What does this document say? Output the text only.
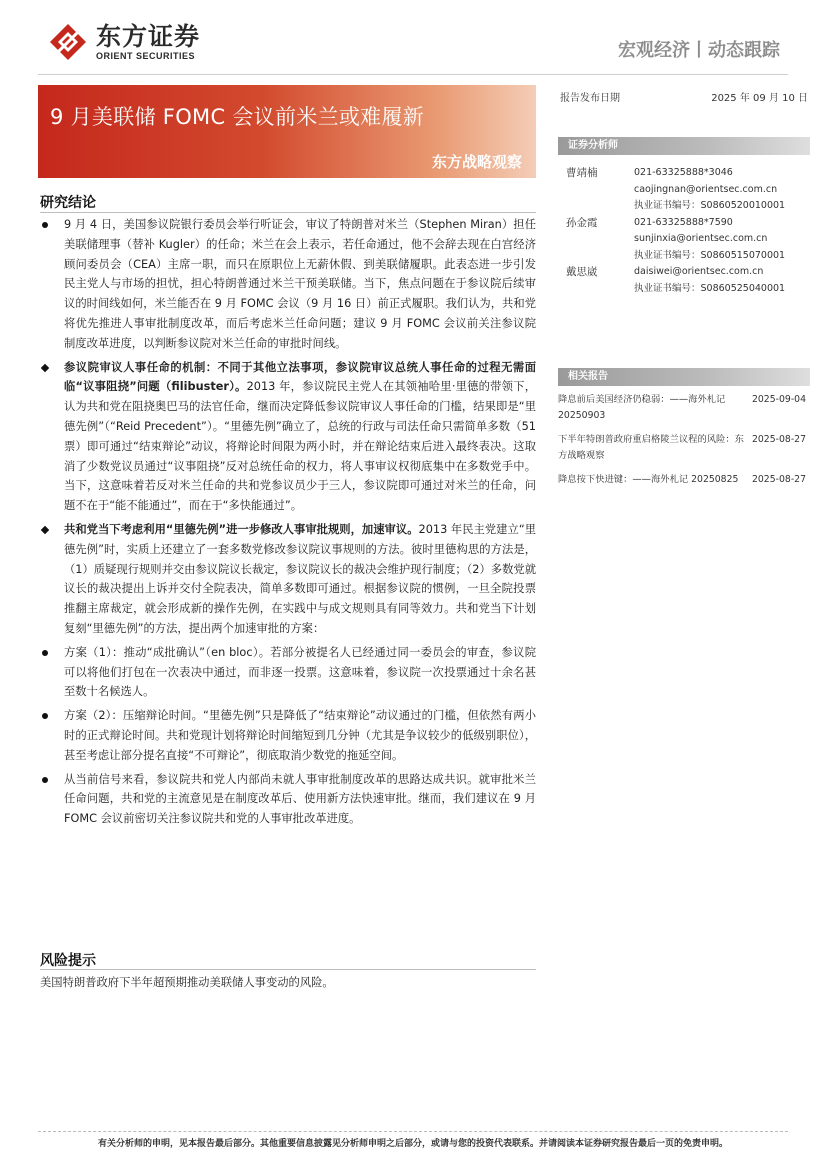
东方证券
ORIENT SECURITIES	宏观经济丨动态跟踪
9 月美联储 FOMC 会议前米兰或难履新
东方战略观察
报告发布日期	2025 年 09 月 10 日
证券分析师
曹靖楠	021-63325888*3046
caojingnan@orientsec.com.cn
执业证书编号：S0860520010001
孙金霞	021-63325888*7590
sunjinxia@orientsec.com.cn
执业证书编号：S0860515070001
戴思崴	daisiwei@orientsec.com.cn
执业证书编号：S0860525040001
相关报告
降息前后美国经济仍稳弱：——海外札记 20250903
2025-09-04
下半年特朗普政府重启格陵兰议程的风险：东方战略观察
2025-08-27
降息按下快进键：——海外札记 20250825	2025-08-27
研究结论
9 月 4 日，美国参议院银行委员会举行听证会，审议了特朗普对米兰（Stephen Miran）担任美联储理事（替补 Kugler）的任命；米兰在会上表示，若任命通过，他不会辞去现在白宫经济顾问委员会（CEA）主席一职，而只在原职位上无薪休假、到美联储履职。此表态进一步引发民主党人与市场的担忧，担心特朗普通过米兰干预美联储。当下，焦点问题在于参议院后续审议的时间线如何，米兰能否在 9 月 FOMC 会议（9 月 16 日）前正式履职。我们认为，共和党将优先推进人事审批制度改革，而后考虑米兰任命问题；建议 9 月 FOMC 会议前关注参议院制度改革进度，以判断参议院对米兰任命的审批时间线。
参议院审议人事任命的机制：不同于其他立法事项，参议院审议总统人事任命的过程无需面临“议事阻挠”问题（filibuster）。2013 年，参议院民主党人在其领袖哈里·里德的带领下，认为共和党在阻挠奥巴马的法官任命，继而决定降低参议院审议人事任命的门槛，结果即是“里德先例”（“Reid Precedent”）。“里德先例”确立了，总统的行政与司法任命只需简单多数（51 票）即可通过“结束辩论”动议，将辩论时间限为两小时，并在辩论结束后进入最终表决。这取消了少数党议员通过“议事阻挠”反对总统任命的权力，将人事审议权彻底集中在多数党手中。当下，这意味着若反对米兰任命的共和党参议员少于三人，参议院即可通过对米兰的任命，问题不在于“能不能通过”，而在于“多快能通过”。
共和党当下考虑利用“里德先例”进一步修改人事审批规则，加速审议。2013 年民主党建立“里德先例”时，实质上还建立了一套多数党修改参议院议事规则的方法。彼时里德构思的方法是，（1）质疑现行规则并交由参议院议长裁定，参议院议长的裁决会维护现行制度；（2）多数党就议长的裁决提出上诉并交付全院表决，简单多数即可通过。根据参议院的惯例，一旦全院投票推翻主席裁定，就会形成新的操作先例，在实践中与成文规则具有同等效力。共和党当下计划复刻“里德先例”的方法，提出两个加速审批的方案：
方案（1）：推动“成批确认”（en bloc）。若部分被提名人已经通过同一委员会的审查，参议院可以将他们打包在一次表决中通过，而非逐一投票。这意味着，参议院一次投票通过十余名甚至数十名候选人。
方案（2）：压缩辩论时间。“里德先例”只是降低了“结束辩论”动议通过的门槛，但依然有两小时的正式辩论时间。共和党现计划将辩论时间缩短到几分钟（尤其是争议较少的低级别职位），甚至考虑让部分提名直接“不可辩论”，彻底取消少数党的拖延空间。
从当前信号来看，参议院共和党人内部尚未就人事审批制度改革的思路达成共识。就审批米兰任命问题，共和党的主流意见是在制度改革后、使用新方法快速审批。继而，我们建议在 9 月 FOMC 会议前密切关注参议院共和党的人事审批改革进度。
风险提示
美国特朗普政府下半年超预期推动美联储人事变动的风险。
有关分析师的申明，见本报告最后部分。其他重要信息披露见分析师申明之后部分，或请与您的投资代表联系。并请阅读本证券研究报告最后一页的免责申明。
